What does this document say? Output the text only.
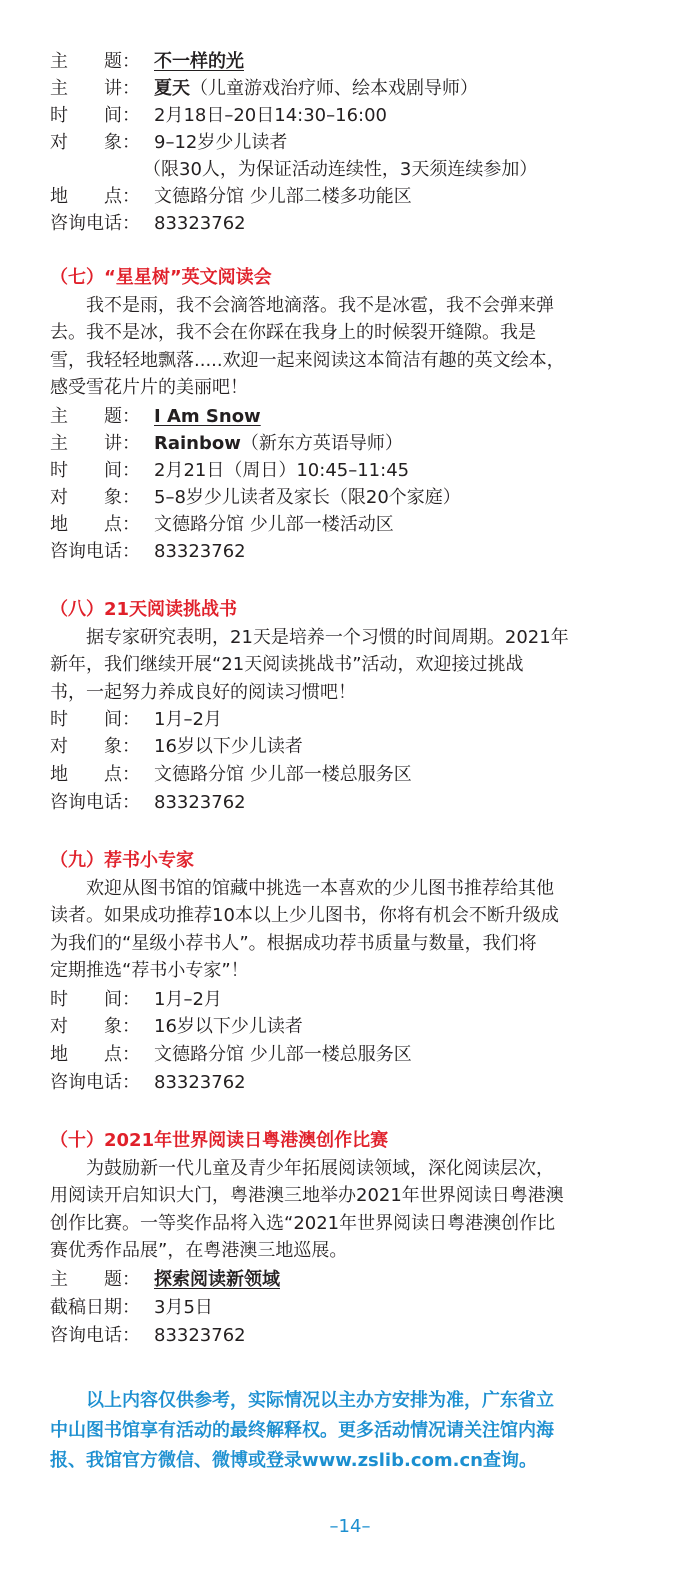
主　　题： 不一样的光
主　　讲： 夏天（儿童游戏治疗师、绘本戏剧导师）
时　　间： 2月18日–20日14:30–16:00
对　　象： 9–12岁少儿读者
（限30人，为保证活动连续性，3天须连续参加）
地　　点： 文德路分馆 少儿部二楼多功能区
咨询电话： 83323762
（七）“星星树”英文阅读会
　　我不是雨，我不会滴答地滴落。我不是冰雹，我不会弹来弹
去。我不是冰，我不会在你踩在我身上的时候裂开缝隙。我是
雪，我轻轻地飘落.....欢迎一起来阅读这本简洁有趣的英文绘本，
感受雪花片片的美丽吧！
主　　题： I Am Snow
主　　讲： Rainbow（新东方英语导师）
时　　间： 2月21日（周日）10:45–11:45
对　　象： 5–8岁少儿读者及家长（限20个家庭）
地　　点： 文德路分馆 少儿部一楼活动区
咨询电话： 83323762
（八）21天阅读挑战书
　　据专家研究表明，21天是培养一个习惯的时间周期。2021年
新年，我们继续开展“21天阅读挑战书”活动，欢迎接过挑战
书，一起努力养成良好的阅读习惯吧！
时　　间： 1月–2月
对　　象： 16岁以下少儿读者
地　　点： 文德路分馆 少儿部一楼总服务区
咨询电话： 83323762
（九）荐书小专家
　　欢迎从图书馆的馆藏中挑选一本喜欢的少儿图书推荐给其他
读者。如果成功推荐10本以上少儿图书，你将有机会不断升级成
为我们的“星级小荐书人”。根据成功荐书质量与数量，我们将
定期推选“荐书小专家”！
时　　间： 1月–2月
对　　象： 16岁以下少儿读者
地　　点： 文德路分馆 少儿部一楼总服务区
咨询电话： 83323762
（十）2021年世界阅读日粤港澳创作比赛
　　为鼓励新一代儿童及青少年拓展阅读领域，深化阅读层次，
用阅读开启知识大门，粤港澳三地举办2021年世界阅读日粤港澳
创作比赛。一等奖作品将入选“2021年世界阅读日粤港澳创作比
赛优秀作品展”，在粤港澳三地巡展。
主　　题： 探索阅读新领域
截稿日期： 3月5日
咨询电话： 83323762
　　以上内容仅供参考，实际情况以主办方安排为准，广东省立
中山图书馆享有活动的最终解释权。更多活动情况请关注馆内海
报、我馆官方微信、微博或登录www.zslib.com.cn查询。
–14–
